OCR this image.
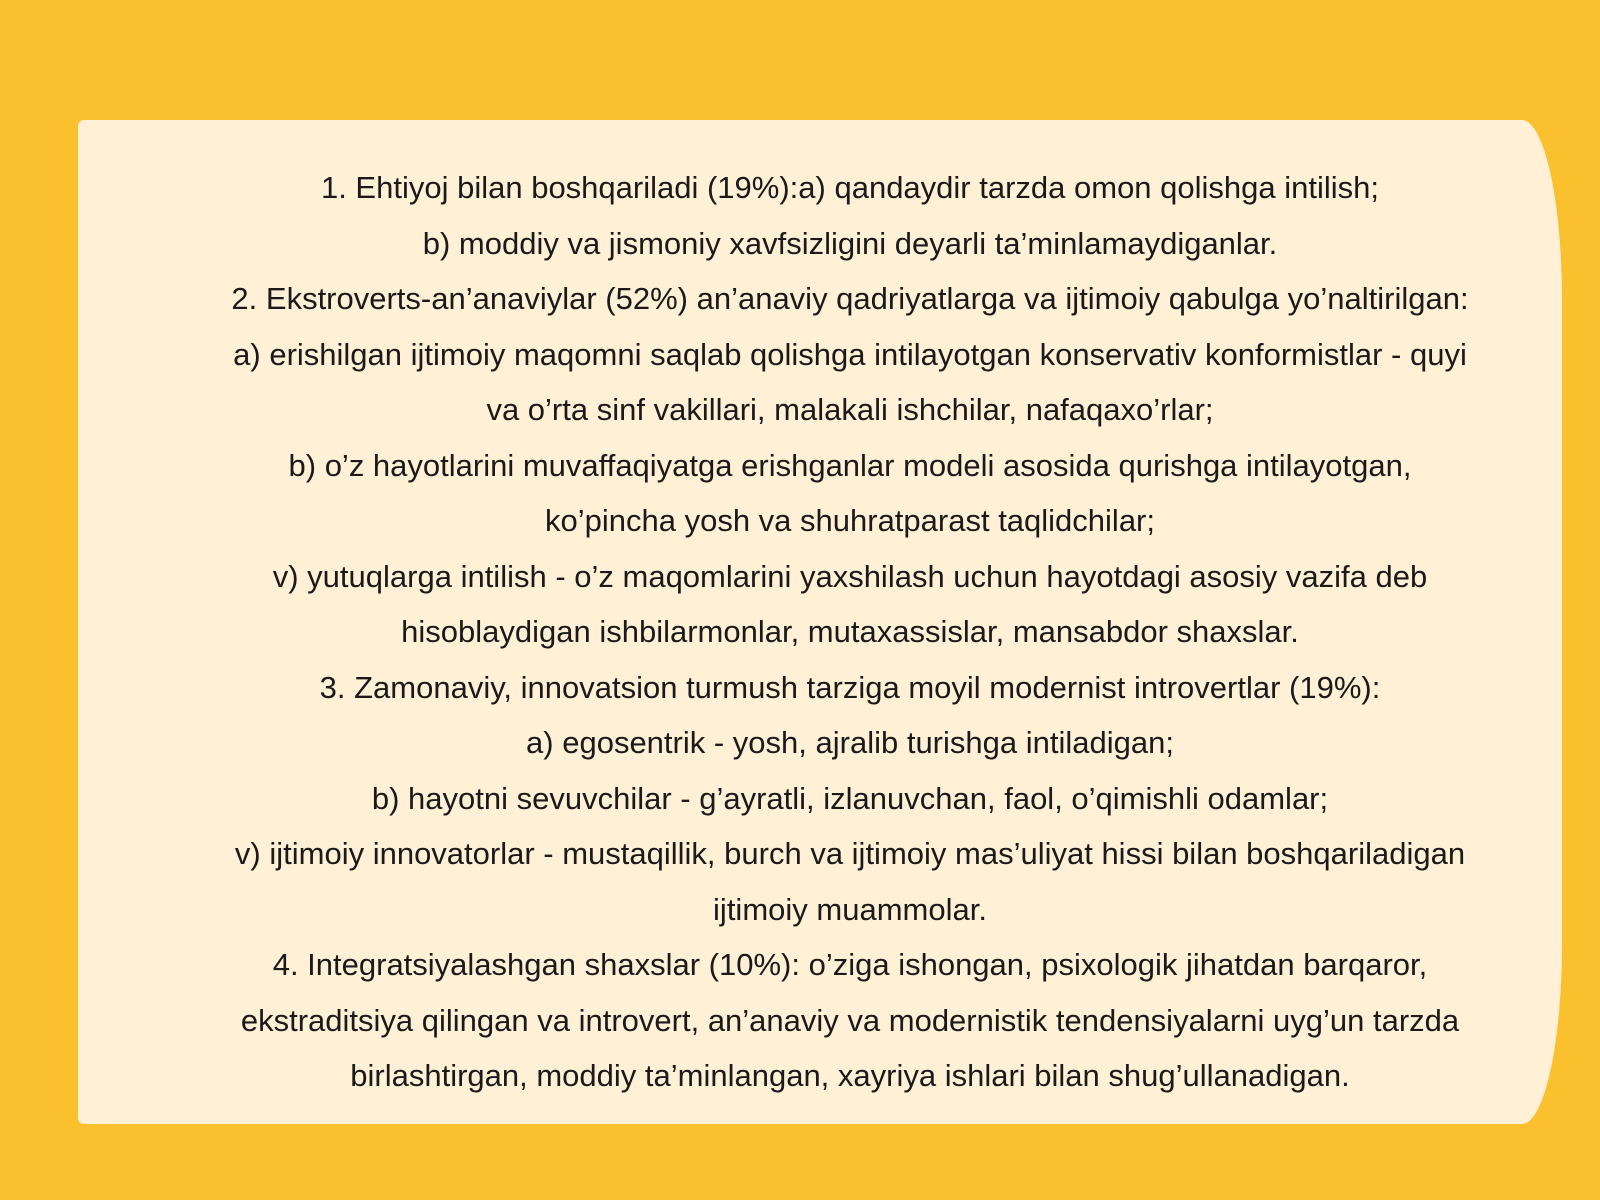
1. Ehtiyoj bilan boshqariladi (19%):a) qandaydir tarzda omon qolishga intilish;
b) moddiy va jismoniy xavfsizligini deyarli ta’minlamaydiganlar.
2. Ekstroverts-an’anaviylar (52%) an’anaviy qadriyatlarga va ijtimoiy qabulga yo’naltirilgan:
a) erishilgan ijtimoiy maqomni saqlab qolishga intilayotgan konservativ konformistlar - quyi
va o’rta sinf vakillari, malakali ishchilar, nafaqaxo’rlar;
b) o’z hayotlarini muvaffaqiyatga erishganlar modeli asosida qurishga intilayotgan,
ko’pincha yosh va shuhratparast taqlidchilar;
v) yutuqlarga intilish - o’z maqomlarini yaxshilash uchun hayotdagi asosiy vazifa deb
hisoblaydigan ishbilarmonlar, mutaxassislar, mansabdor shaxslar.
3. Zamonaviy, innovatsion turmush tarziga moyil modernist introvertlar (19%):
a) egosentrik - yosh, ajralib turishga intiladigan;
b) hayotni sevuvchilar - g’ayratli, izlanuvchan, faol, o’qimishli odamlar;
v) ijtimoiy innovatorlar - mustaqillik, burch va ijtimoiy mas’uliyat hissi bilan boshqariladigan
ijtimoiy muammolar.
4. Integratsiyalashgan shaxslar (10%): o’ziga ishongan, psixologik jihatdan barqaror,
ekstraditsiya qilingan va introvert, an’anaviy va modernistik tendensiyalarni uyg’un tarzda
birlashtirgan, moddiy ta’minlangan, xayriya ishlari bilan shug’ullanadigan.
